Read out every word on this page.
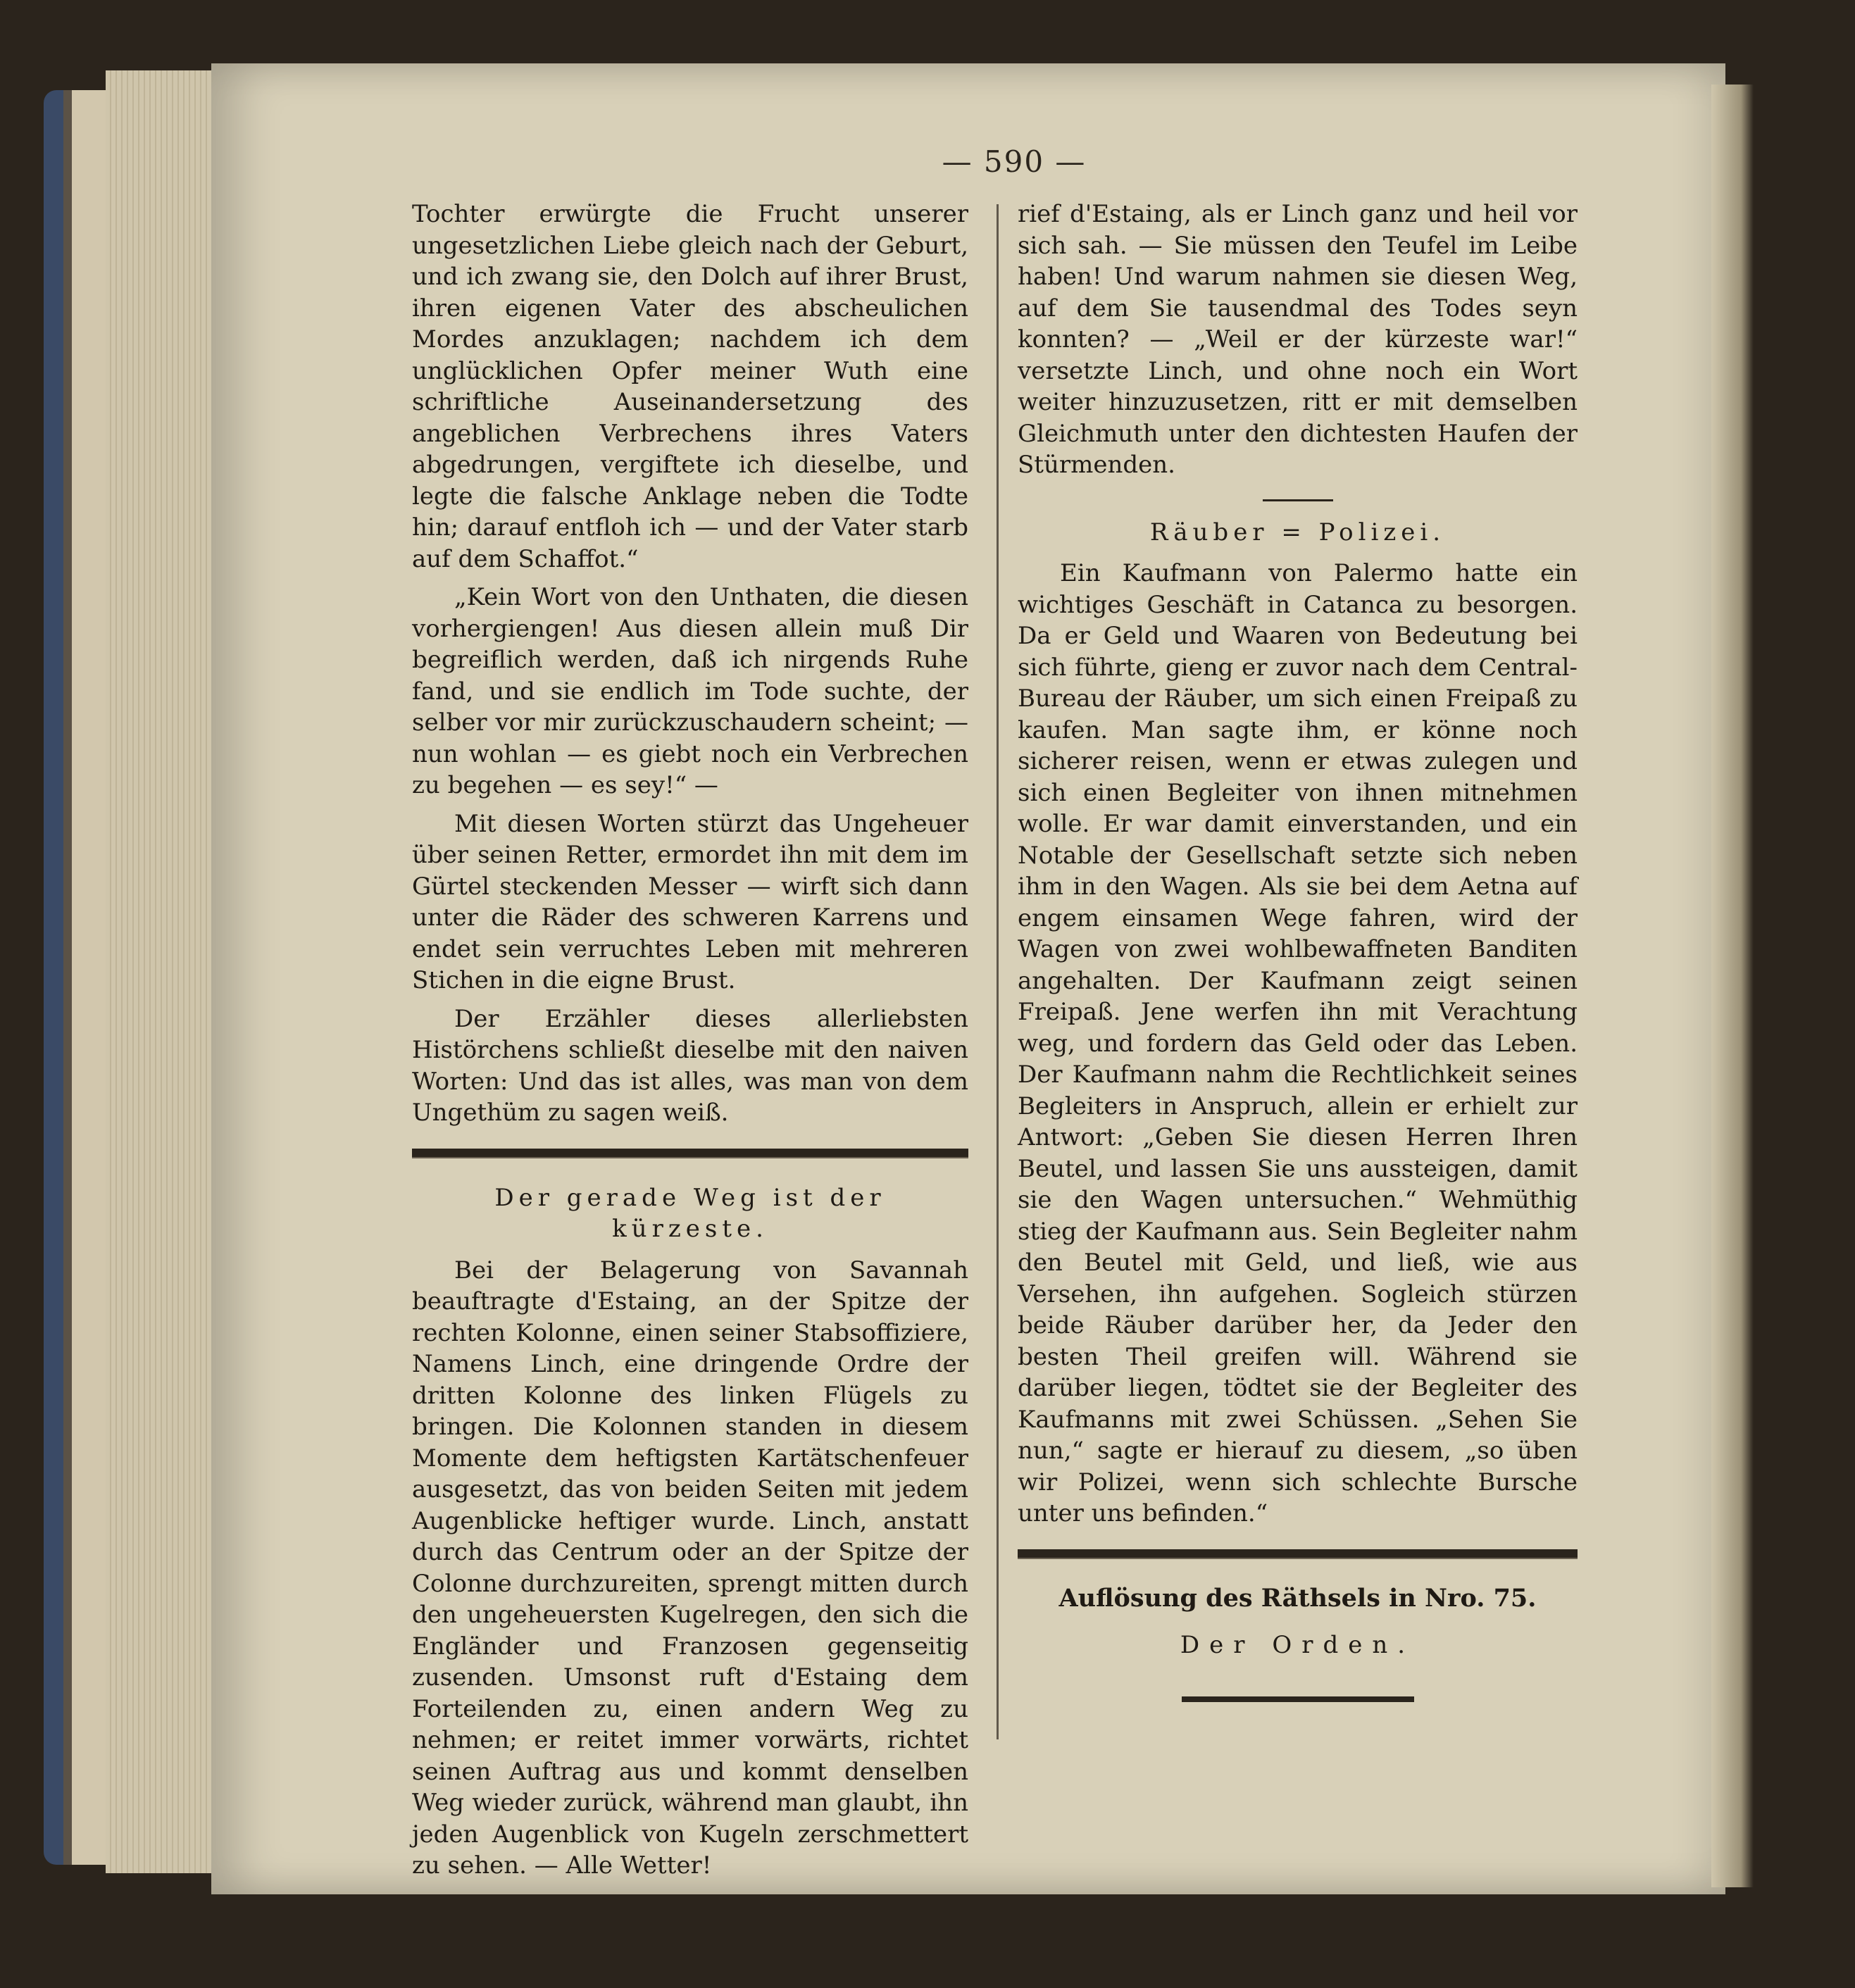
— 590 —

Tochter erwürgte die Frucht unserer ungesetzlichen Liebe gleich nach der Geburt, und ich zwang sie, den Dolch auf ihrer Brust, ihren eigenen Vater des abscheulichen Mordes anzuklagen; nachdem ich dem unglücklichen Opfer meiner Wuth eine schriftliche Auseinandersetzung des angeblichen Verbrechens ihres Vaters abgedrungen, vergiftete ich dieselbe, und legte die falsche Anklage neben die Todte hin; darauf entfloh ich — und der Vater starb auf dem Schaffot.“

„Kein Wort von den Unthaten, die diesen vorhergiengen! Aus diesen allein muß Dir begreiflich werden, daß ich nirgends Ruhe fand, und sie endlich im Tode suchte, der selber vor mir zurückzuschaudern scheint; — nun wohlan — es giebt noch ein Verbrechen zu begehen — es sey!“ —

Mit diesen Worten stürzt das Ungeheuer über seinen Retter, ermordet ihn mit dem im Gürtel steckenden Messer — wirft sich dann unter die Räder des schweren Karrens und endet sein verruchtes Leben mit mehreren Stichen in die eigne Brust.

Der Erzähler dieses allerliebsten Histörchens schließt dieselbe mit den naiven Worten: Und das ist alles, was man von dem Ungethüm zu sagen weiß.

Der gerade Weg ist der kürzeste.

Bei der Belagerung von Savannah beauftragte d'Estaing, an der Spitze der rechten Kolonne, einen seiner Stabsoffiziere, Namens Linch, eine dringende Ordre der dritten Kolonne des linken Flügels zu bringen. Die Kolonnen standen in diesem Momente dem heftigsten Kartätschenfeuer ausgesetzt, das von beiden Seiten mit jedem Augenblicke heftiger wurde. Linch, anstatt durch das Centrum oder an der Spitze der Colonne durchzureiten, sprengt mitten durch den ungeheuersten Kugelregen, den sich die Engländer und Franzosen gegenseitig zusenden. Umsonst ruft d'Estaing dem Forteilenden zu, einen andern Weg zu nehmen; er reitet immer vorwärts, richtet seinen Auftrag aus und kommt denselben Weg wieder zurück, während man glaubt, ihn jeden Augenblick von Kugeln zerschmettert zu sehen. — Alle Wetter!

rief d'Estaing, als er Linch ganz und heil vor sich sah. — Sie müssen den Teufel im Leibe haben! Und warum nahmen sie diesen Weg, auf dem Sie tausendmal des Todes seyn konnten? — „Weil er der kürzeste war!“ versetzte Linch, und ohne noch ein Wort weiter hinzuzusetzen, ritt er mit demselben Gleichmuth unter den dichtesten Haufen der Stürmenden.

Räuber = Polizei.

Ein Kaufmann von Palermo hatte ein wichtiges Geschäft in Catanca zu besorgen. Da er Geld und Waaren von Bedeutung bei sich führte, gieng er zuvor nach dem Central-Bureau der Räuber, um sich einen Freipaß zu kaufen. Man sagte ihm, er könne noch sicherer reisen, wenn er etwas zulegen und sich einen Begleiter von ihnen mitnehmen wolle. Er war damit einverstanden, und ein Notable der Gesellschaft setzte sich neben ihm in den Wagen. Als sie bei dem Aetna auf engem einsamen Wege fahren, wird der Wagen von zwei wohlbewaffneten Banditen angehalten. Der Kaufmann zeigt seinen Freipaß. Jene werfen ihn mit Verachtung weg, und fordern das Geld oder das Leben. Der Kaufmann nahm die Rechtlichkeit seines Begleiters in Anspruch, allein er erhielt zur Antwort: „Geben Sie diesen Herren Ihren Beutel, und lassen Sie uns aussteigen, damit sie den Wagen untersuchen.“ Wehmüthig stieg der Kaufmann aus. Sein Begleiter nahm den Beutel mit Geld, und ließ, wie aus Versehen, ihn aufgehen. Sogleich stürzen beide Räuber darüber her, da Jeder den besten Theil greifen will. Während sie darüber liegen, tödtet sie der Begleiter des Kaufmanns mit zwei Schüssen. „Sehen Sie nun,“ sagte er hierauf zu diesem, „so üben wir Polizei, wenn sich schlechte Bursche unter uns befinden.“

Auflösung des Räthsels in Nro. 75.
Der Orden.
